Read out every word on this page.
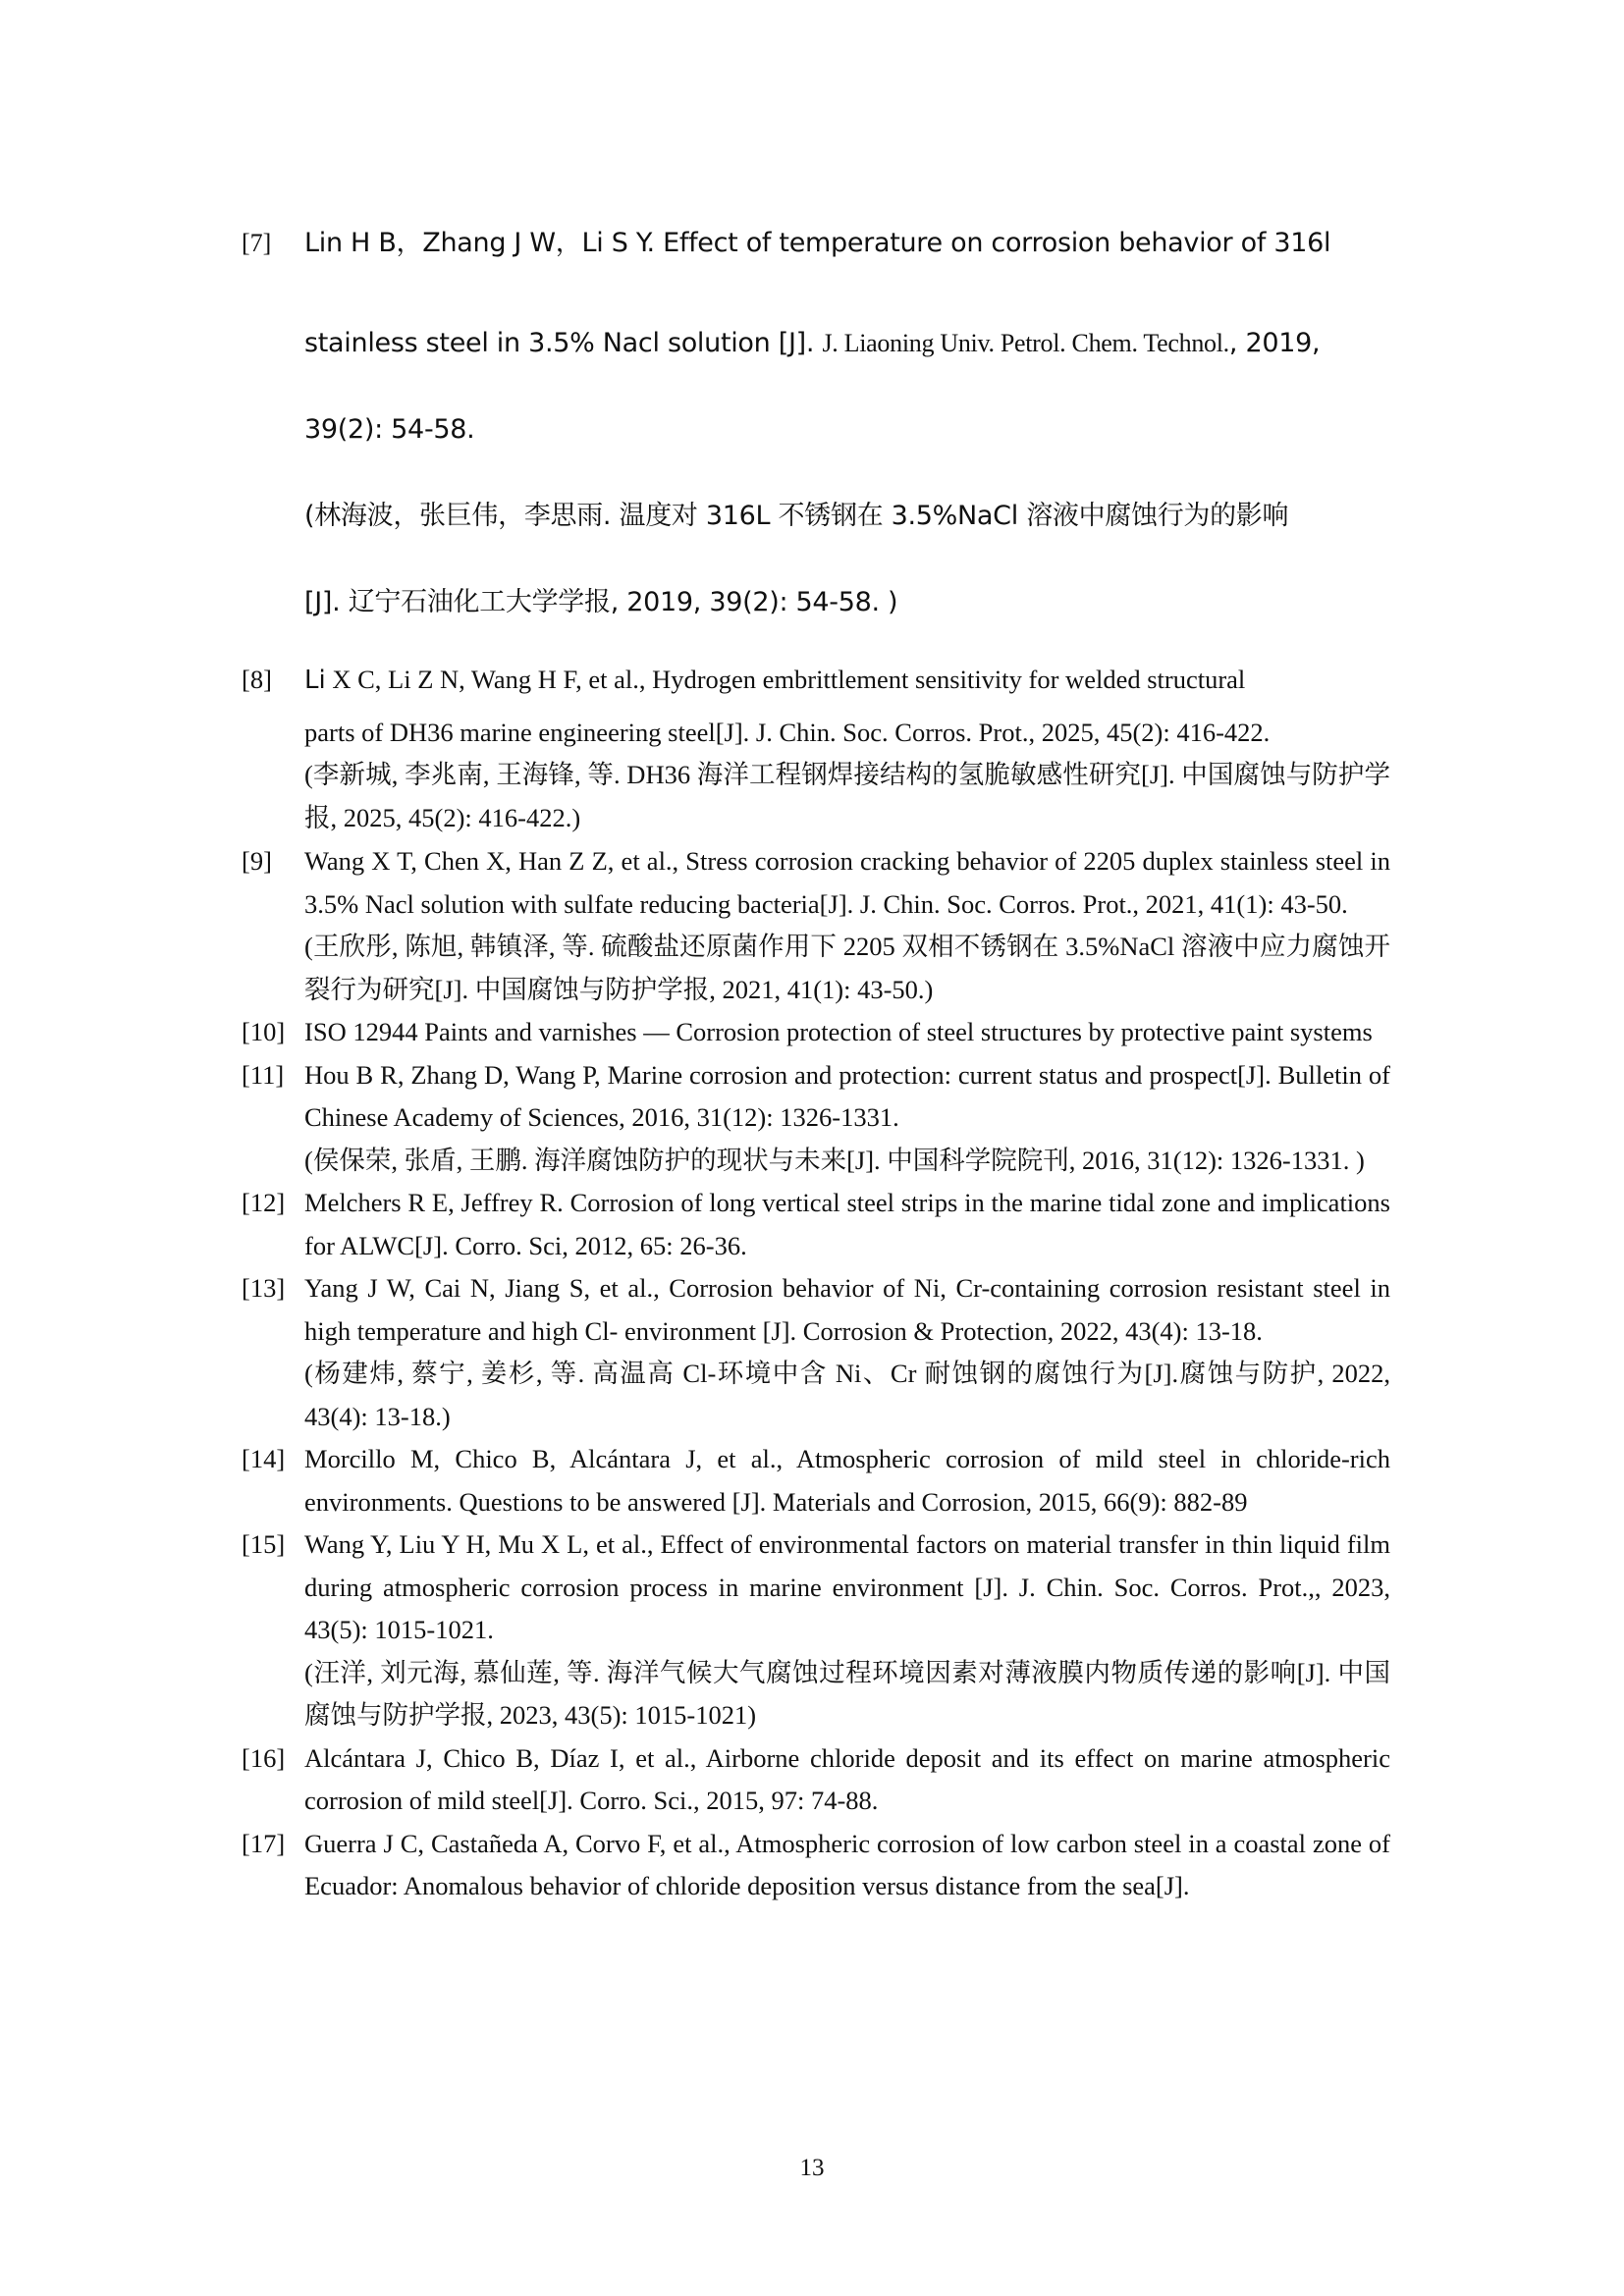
[7] Lin H B，Zhang J W，Li S Y. Effect of temperature on corrosion behavior of 316l
stainless steel in 3.5% Nacl solution [J]. J. Liaoning Univ. Petrol. Chem. Technol., 2019,
39(2): 54-58.
(林海波，张巨伟，李思雨. 温度对 316L 不锈钢在 3.5%NaCl 溶液中腐蚀行为的影响
[J]. 辽宁石油化工大学学报, 2019, 39(2): 54-58. )
[8] Li X C, Li Z N, Wang H F, et al., Hydrogen embrittlement sensitivity for welded structural
parts of DH36 marine engineering steel[J]. J. Chin. Soc. Corros. Prot., 2025, 45(2): 416-422.
(李新城, 李兆南, 王海锋, 等. DH36 海洋工程钢焊接结构的氢脆敏感性研究[J]. 中国腐蚀与防护学报, 2025, 45(2): 416-422.)
[9] Wang X T, Chen X, Han Z Z, et al., Stress corrosion cracking behavior of 2205 duplex stainless steel in 3.5% Nacl solution with sulfate reducing bacteria[J]. J. Chin. Soc. Corros. Prot., 2021, 41(1): 43-50.
(王欣彤, 陈旭, 韩镇泽, 等. 硫酸盐还原菌作用下 2205 双相不锈钢在 3.5%NaCl 溶液中应力腐蚀开裂行为研究[J]. 中国腐蚀与防护学报, 2021, 41(1): 43-50.)
[10] ISO 12944 Paints and varnishes — Corrosion protection of steel structures by protective paint systems
[11] Hou B R, Zhang D, Wang P, Marine corrosion and protection: current status and prospect[J]. Bulletin of Chinese Academy of Sciences, 2016, 31(12): 1326-1331.
(侯保荣, 张盾, 王鹏. 海洋腐蚀防护的现状与未来[J]. 中国科学院院刊, 2016, 31(12): 1326-1331. )
[12] Melchers R E, Jeffrey R. Corrosion of long vertical steel strips in the marine tidal zone and implications for ALWC[J]. Corro. Sci, 2012, 65: 26-36.
[13] Yang J W, Cai N, Jiang S, et al., Corrosion behavior of Ni, Cr-containing corrosion resistant steel in high temperature and high Cl- environment [J]. Corrosion & Protection, 2022, 43(4): 13-18.
(杨建炜, 蔡宁, 姜杉, 等. 高温高 Cl-环境中含 Ni、Cr 耐蚀钢的腐蚀行为[J].腐蚀与防护, 2022, 43(4): 13-18.)
[14] Morcillo M, Chico B, Alcántara J, et al., Atmospheric corrosion of mild steel in chloride-rich environments. Questions to be answered [J]. Materials and Corrosion, 2015, 66(9): 882-89
[15] Wang Y, Liu Y H, Mu X L, et al., Effect of environmental factors on material transfer in thin liquid film during atmospheric corrosion process in marine environment [J]. J. Chin. Soc. Corros. Prot.,, 2023, 43(5): 1015-1021.
(汪洋, 刘元海, 慕仙莲, 等. 海洋气候大气腐蚀过程环境因素对薄液膜内物质传递的影响[J]. 中国腐蚀与防护学报, 2023, 43(5): 1015-1021)
[16] Alcántara J, Chico B, Díaz I, et al., Airborne chloride deposit and its effect on marine atmospheric corrosion of mild steel[J]. Corro. Sci., 2015, 97: 74-88.
[17] Guerra J C, Castañeda A, Corvo F, et al., Atmospheric corrosion of low carbon steel in a coastal zone of Ecuador: Anomalous behavior of chloride deposition versus distance from the sea[J].
13
